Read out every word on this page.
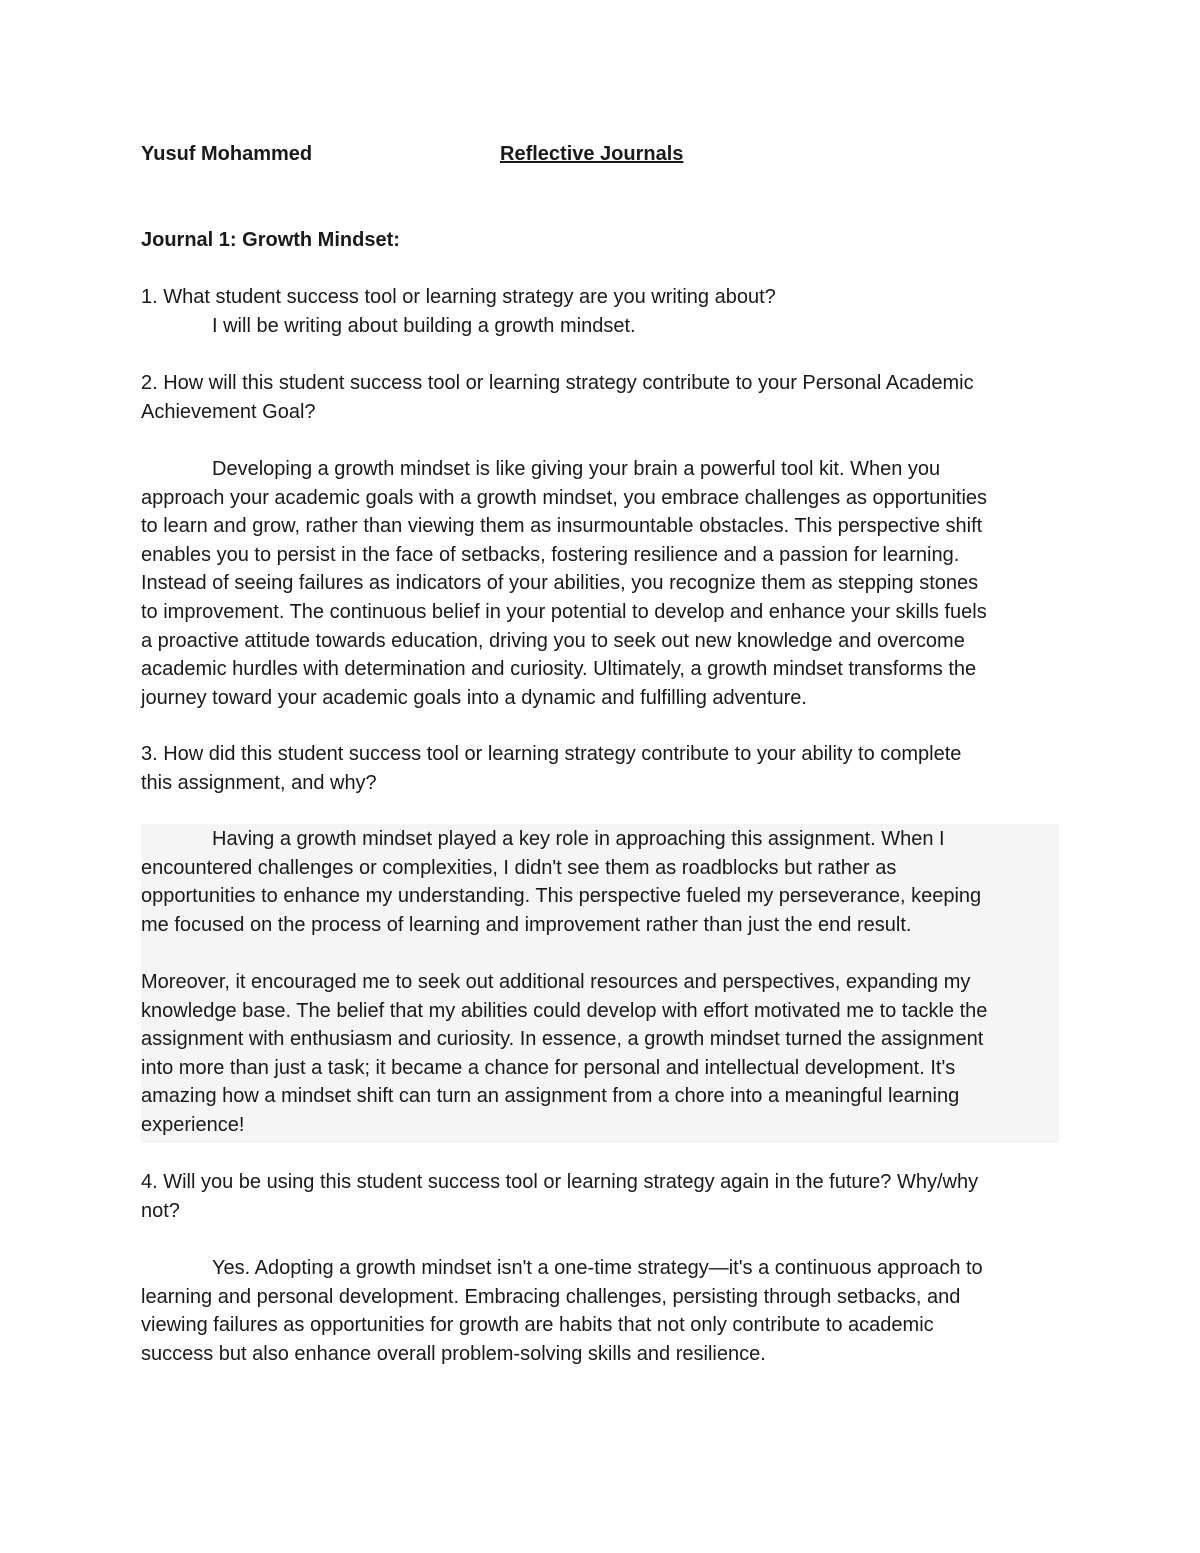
Yusuf Mohammed	Reflective Journals
Journal 1: Growth Mindset:
1. What student success tool or learning strategy are you writing about?
I will be writing about building a growth mindset.

2. How will this student success tool or learning strategy contribute to your Personal Academic

Achievement Goal?

Developing a growth mindset is like giving your brain a powerful tool kit. When you

approach your academic goals with a growth mindset, you embrace challenges as opportunities

to learn and grow, rather than viewing them as insurmountable obstacles. This perspective shift

enables you to persist in the face of setbacks, fostering resilience and a passion for learning.

Instead of seeing failures as indicators of your abilities, you recognize them as stepping stones

to improvement. The continuous belief in your potential to develop and enhance your skills fuels

a proactive attitude towards education, driving you to seek out new knowledge and overcome

academic hurdles with determination and curiosity. Ultimately, a growth mindset transforms the

journey toward your academic goals into a dynamic and fulfilling adventure.

3. How did this student success tool or learning strategy contribute to your ability to complete

this assignment, and why?

Having a growth mindset played a key role in approaching this assignment. When I

encountered challenges or complexities, I didn't see them as roadblocks but rather as

opportunities to enhance my understanding. This perspective fueled my perseverance, keeping

me focused on the process of learning and improvement rather than just the end result.

Moreover, it encouraged me to seek out additional resources and perspectives, expanding my

knowledge base. The belief that my abilities could develop with effort motivated me to tackle the

assignment with enthusiasm and curiosity. In essence, a growth mindset turned the assignment

into more than just a task; it became a chance for personal and intellectual development. It's

amazing how a mindset shift can turn an assignment from a chore into a meaningful learning

experience!

4. Will you be using this student success tool or learning strategy again in the future? Why/why

not?

Yes. Adopting a growth mindset isn't a one-time strategy—it's a continuous approach to

learning and personal development. Embracing challenges, persisting through setbacks, and

viewing failures as opportunities for growth are habits that not only contribute to academic

success but also enhance overall problem-solving skills and resilience.
